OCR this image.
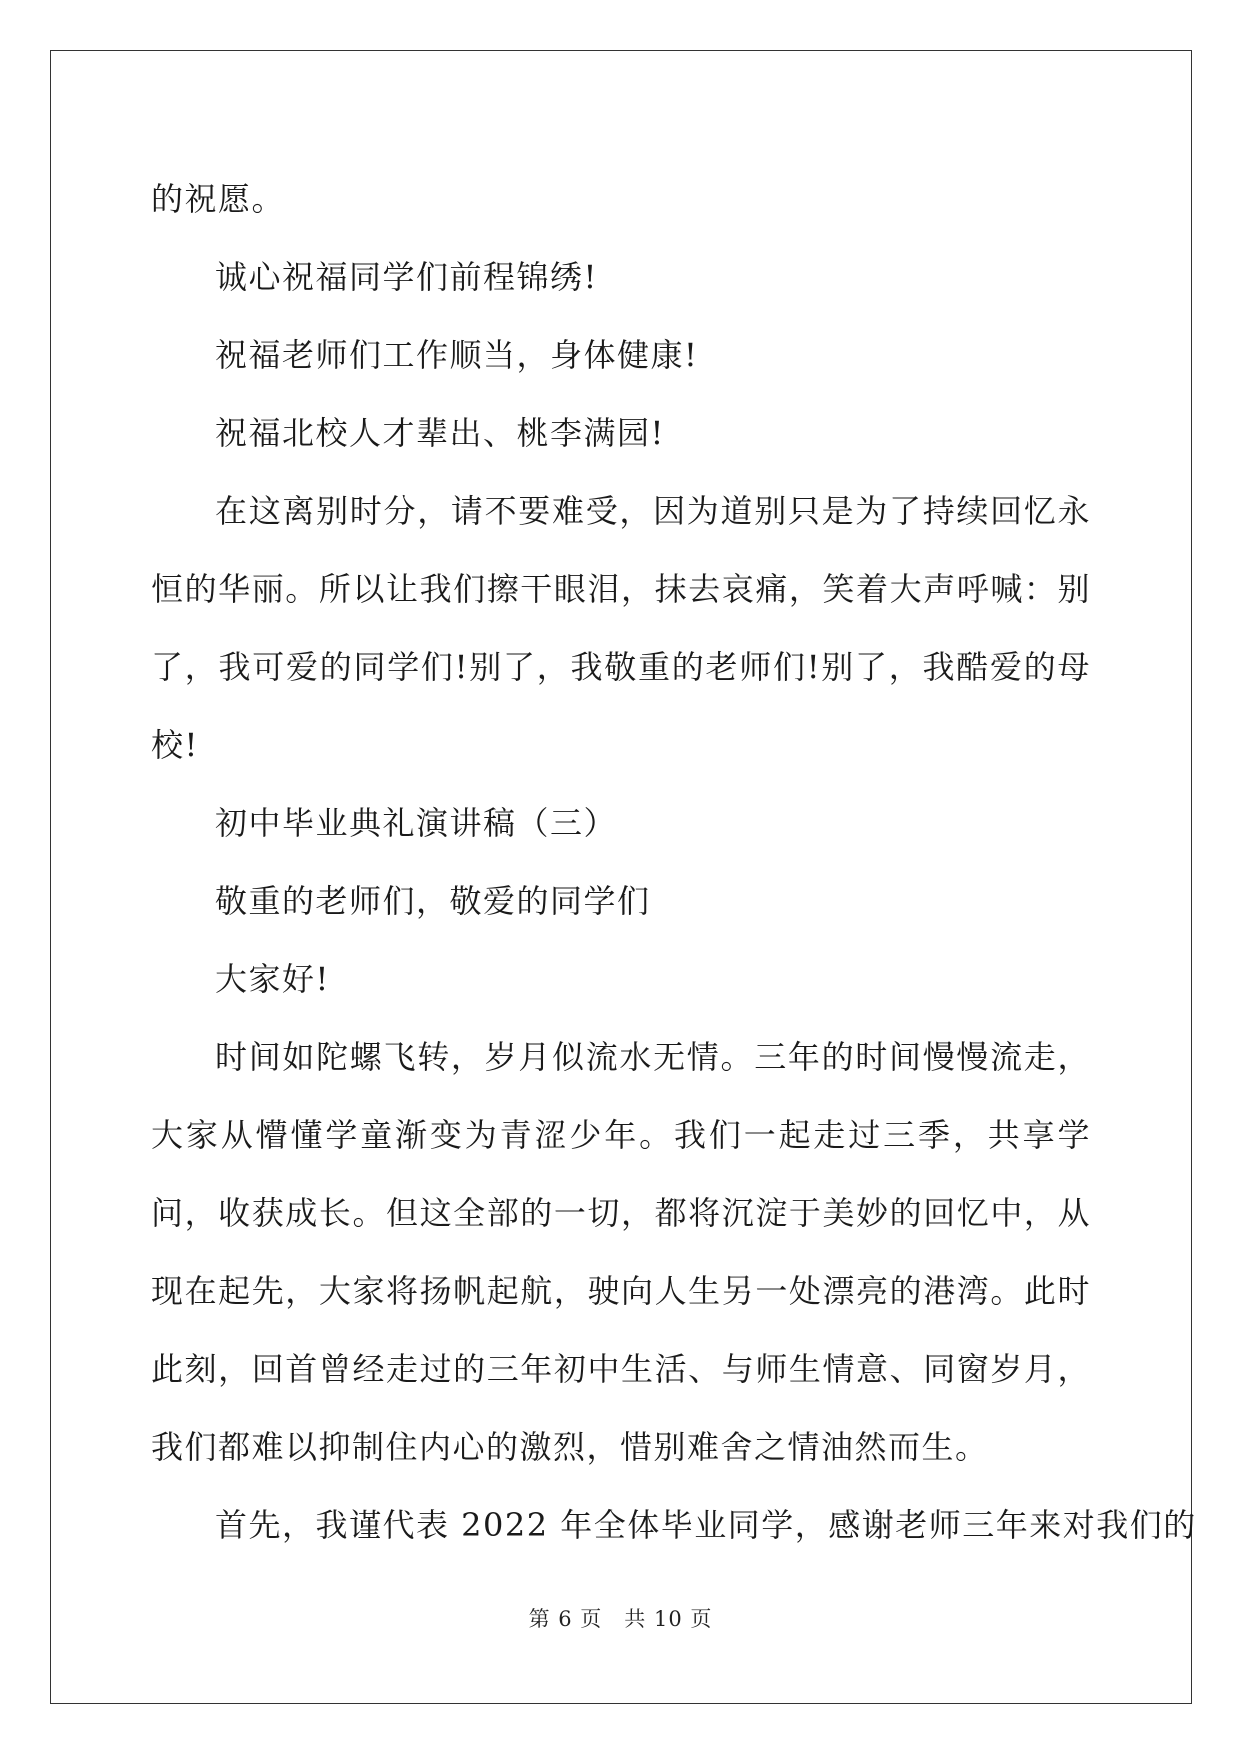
的祝愿。

诚心祝福同学们前程锦绣!

祝福老师们工作顺当，身体健康!

祝福北校人才辈出、桃李满园!

在这离别时分，请不要难受，因为道别只是为了持续回忆永恒的华丽。所以让我们擦干眼泪，抹去哀痛，笑着大声呼喊：别了，我可爱的同学们!别了，我敬重的老师们!别了，我酷爱的母校!

初中毕业典礼演讲稿（三）

敬重的老师们，敬爱的同学们

大家好!

时间如陀螺飞转，岁月似流水无情。三年的时间慢慢流走，大家从懵懂学童渐变为青涩少年。我们一起走过三季，共享学问，收获成长。但这全部的一切，都将沉淀于美妙的回忆中，从现在起先，大家将扬帆起航，驶向人生另一处漂亮的港湾。此时此刻，回首曾经走过的三年初中生活、与师生情意、同窗岁月，我们都难以抑制住内心的激烈，惜别难舍之情油然而生。

首先，我谨代表 2022 年全体毕业同学，感谢老师三年来对我们的

第 6 页　共 10 页
